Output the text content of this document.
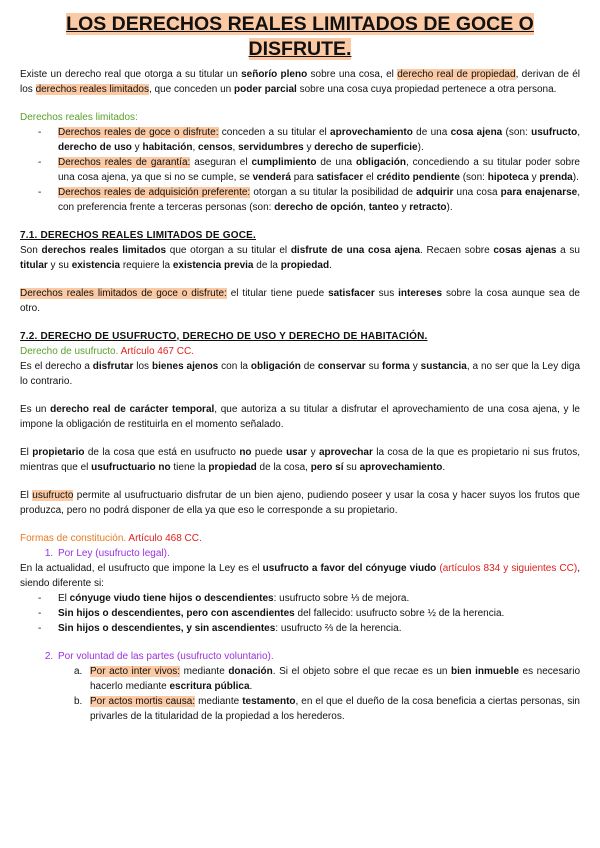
LOS DERECHOS REALES LIMITADOS DE GOCE O
DISFRUTE.

Existe un derecho real que otorga a su titular un señorío pleno sobre una cosa, el derecho real de propiedad, derivan de él los derechos reales limitados, que conceden un poder parcial sobre una cosa cuya propiedad pertenece a otra persona.

Derechos reales limitados:

- Derechos reales de goce o disfrute: conceden a su titular el aprovechamiento de una cosa ajena (son: usufructo, derecho de uso y habitación, censos, servidumbres y derecho de superficie).
- Derechos reales de garantía: aseguran el cumplimiento de una obligación, concediendo a su titular poder sobre una cosa ajena, ya que si no se cumple, se venderá para satisfacer el crédito pendiente (son: hipoteca y prenda).
- Derechos reales de adquisición preferente: otorgan a su titular la posibilidad de adquirir una cosa para enajenarse, con preferencia frente a terceras personas (son: derecho de opción, tanteo y retracto).

7.1. DERECHOS REALES LIMITADOS DE GOCE.

Son derechos reales limitados que otorgan a su titular el disfrute de una cosa ajena. Recaen sobre cosas ajenas a su titular y su existencia requiere la existencia previa de la propiedad.

Derechos reales limitados de goce o disfrute: el titular tiene puede satisfacer sus intereses sobre la cosa aunque sea de otro.

7.2. DERECHO DE USUFRUCTO, DERECHO DE USO Y DERECHO DE HABITACIÓN.

Derecho de usufructo. Artículo 467 CC.

Es el derecho a disfrutar los bienes ajenos con la obligación de conservar su forma y sustancia, a no ser que la Ley diga lo contrario.

Es un derecho real de carácter temporal, que autoriza a su titular a disfrutar el aprovechamiento de una cosa ajena, y le impone la obligación de restituirla en el momento señalado.

El propietario de la cosa que está en usufructo no puede usar y aprovechar la cosa de la que es propietario ni sus frutos, mientras que el usufructuario no tiene la propiedad de la cosa, pero sí su aprovechamiento.

El usufructo permite al usufructuario disfrutar de un bien ajeno, pudiendo poseer y usar la cosa y hacer suyos los frutos que produzca, pero no podrá disponer de ella ya que eso le corresponde a su propietario.

Formas de constitución. Artículo 468 CC.

1. Por Ley (usufructo legal).

En la actualidad, el usufructo que impone la Ley es el usufructo a favor del cónyuge viudo (artículos 834 y siguientes CC), siendo diferente si:

- El cónyuge viudo tiene hijos o descendientes: usufructo sobre ⅓ de mejora.
- Sin hijos o descendientes, pero con ascendientes del fallecido: usufructo sobre ½ de la herencia.
- Sin hijos o descendientes, y sin ascendientes: usufructo ⅔ de la herencia.
2. Por voluntad de las partes (usufructo voluntario).
a. Por acto inter vivos: mediante donación. Si el objeto sobre el que recae es un bien inmueble es necesario hacerlo mediante escritura pública.
b. Por actos mortis causa: mediante testamento, en el que el dueño de la cosa beneficia a ciertas personas, sin privarles de la titularidad de la propiedad a los herederos.
